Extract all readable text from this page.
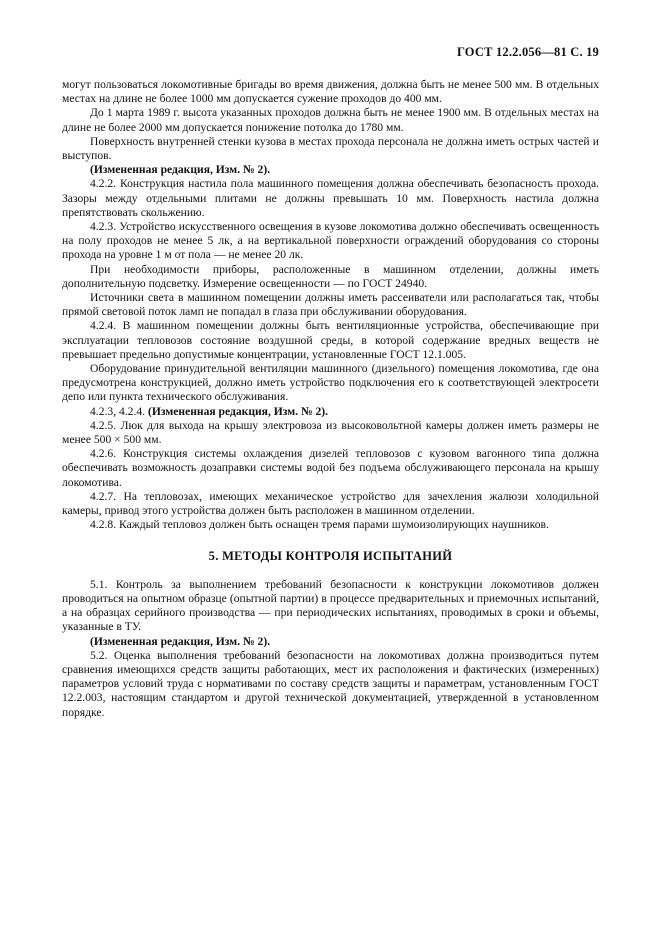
ГОСТ 12.2.056—81 С. 19

могут пользоваться локомотивные бригады во время движения, должна быть не менее 500 мм. В отдельных местах на длине не более 1000 мм допускается сужение проходов до 400 мм.

До 1 марта 1989 г. высота указанных проходов должна быть не менее 1900 мм. В отдельных местах на длине не более 2000 мм допускается понижение потолка до 1780 мм.

Поверхность внутренней стенки кузова в местах прохода персонала не должна иметь острых частей и выступов.

(Измененная редакция, Изм. № 2).

4.2.2. Конструкция настила пола машинного помещения должна обеспечивать безопасность прохода. Зазоры между отдельными плитами не должны превышать 10 мм. Поверхность настила должна препятствовать скольжению.

4.2.3. Устройство искусственного освещения в кузове локомотива должно обеспечивать освещенность на полу проходов не менее 5 лк, а на вертикальной поверхности ограждений оборудования со стороны прохода на уровне 1 м от пола — не менее 20 лк.

При необходимости приборы, расположенные в машинном отделении, должны иметь дополнительную подсветку. Измерение освещенности — по ГОСТ 24940.

Источники света в машинном помещении должны иметь рассеиватели или располагаться так, чтобы прямой световой поток ламп не попадал в глаза при обслуживании оборудования.

4.2.4. В машинном помещении должны быть вентиляционные устройства, обеспечивающие при эксплуатации тепловозов состояние воздушной среды, в которой содержание вредных веществ не превышает предельно допустимые концентрации, установленные ГОСТ 12.1.005.

Оборудование принудительной вентиляции машинного (дизельного) помещения локомотива, где она предусмотрена конструкцией, должно иметь устройство подключения его к соответствующей электросети депо или пункта технического обслуживания.

4.2.3, 4.2.4. (Измененная редакция, Изм. № 2).

4.2.5. Люк для выхода на крышу электровоза из высоковольтной камеры должен иметь размеры не менее 500 × 500 мм.

4.2.6. Конструкция системы охлаждения дизелей тепловозов с кузовом вагонного типа должна обеспечивать возможность дозаправки системы водой без подъема обслуживающего персонала на крышу локомотива.

4.2.7. На тепловозах, имеющих механическое устройство для зачехления жалюзи холодильной камеры, привод этого устройства должен быть расположен в машинном отделении.

4.2.8. Каждый тепловоз должен быть оснащен тремя парами шумоизолирующих наушников.

5. МЕТОДЫ КОНТРОЛЯ ИСПЫТАНИЙ

5.1. Контроль за выполнением требований безопасности к конструкции локомотивов должен проводиться на опытном образце (опытной партии) в процессе предварительных и приемочных испытаний, а на образцах серийного производства — при периодических испытаниях, проводимых в сроки и объемы, указанные в ТУ.

(Измененная редакция, Изм. № 2).

5.2. Оценка выполнения требований безопасности на локомотивах должна производиться путем сравнения имеющихся средств защиты работающих, мест их расположения и фактических (измеренных) параметров условий труда с нормативами по составу средств защиты и параметрам, установленным ГОСТ 12.2.003, настоящим стандартом и другой технической документацией, утвержденной в установленном порядке.
